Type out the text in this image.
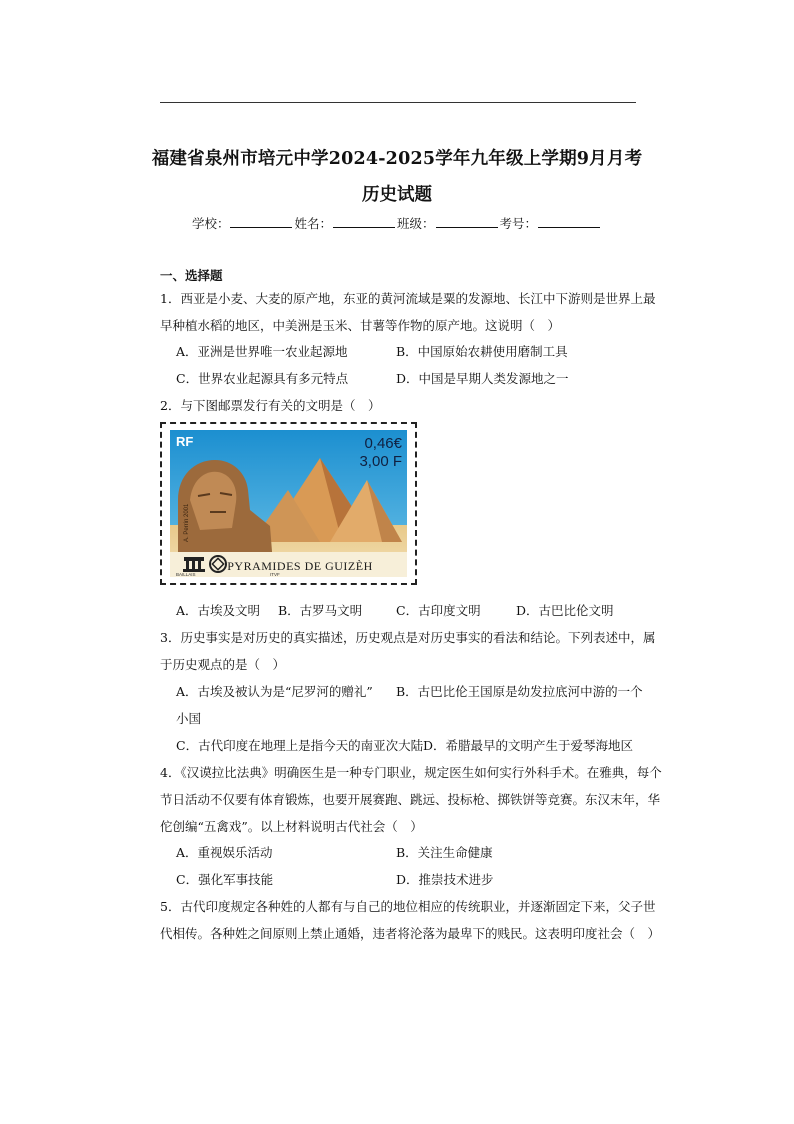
福建省泉州市培元中学2024-2025学年九年级上学期9月月考
历史试题
学校：	姓名：	班级：	考号：
一、选择题
1．西亚是小麦、大麦的原产地，东亚的黄河流域是粟的发源地、长江中下游则是世界上最
早种植水稻的地区，中美洲是玉米、甘薯等作物的原产地。这说明（　）
A．亚洲是世界唯一农业起源地	B．中国原始农耕使用磨制工具
C．世界农业起源具有多元特点	D．中国是早期人类发源地之一
2．与下图邮票发行有关的文明是（　）
RF	0,46€
3,00 F
A. Perrin 2001
PYRAMIDES DE GUIZÈH
BAILLAIS	ITVF
A．古埃及文明 B．古罗马文明	C．古印度文明	D．古巴比伦文明
3．历史事实是对历史的真实描述，历史观点是对历史事实的看法和结论。下列表述中，属
于历史观点的是（　）
A．古埃及被认为是“尼罗河的赠礼” B．古巴比伦王国原是幼发拉底河中游的一个
小国
C．古代印度在地理上是指今天的南亚次大陆 D．希腊最早的文明产生于爱琴海地区
4．《汉谟拉比法典》明确医生是一种专门职业，规定医生如何实行外科手术。在雅典，每个
节日活动不仅要有体育锻炼，也要开展赛跑、跳远、投标枪、掷铁饼等竞赛。东汉末年，华
佗创编“五禽戏”。以上材料说明古代社会（　）
A．重视娱乐活动	B．关注生命健康
C．强化军事技能	D．推崇技术进步
5．古代印度规定各种姓的人都有与自己的地位相应的传统职业，并逐渐固定下来，父子世
代相传。各种姓之间原则上禁止通婚，违者将沦落为最卑下的贱民。这表明印度社会（　）
